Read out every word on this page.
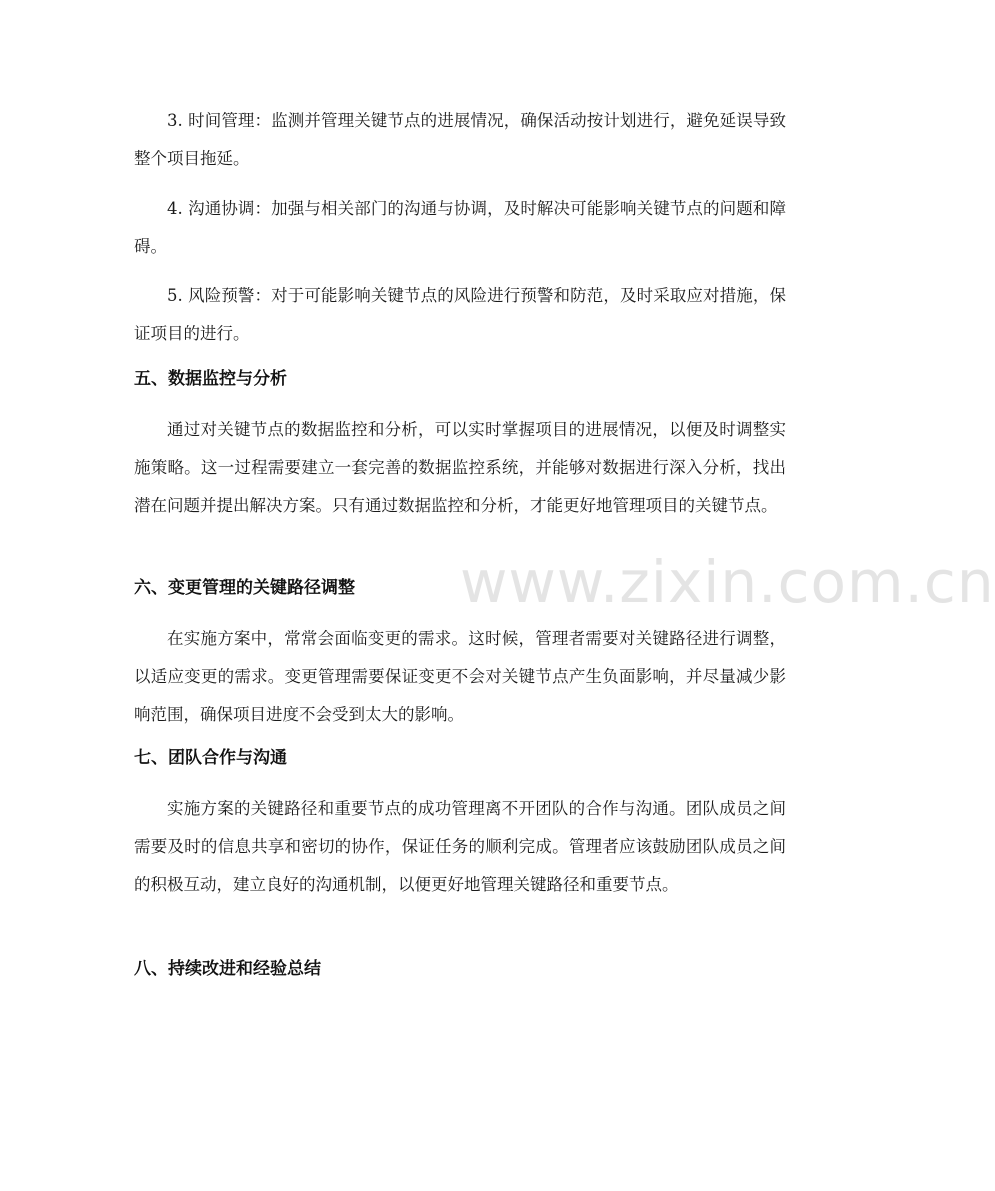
www.zixin.com.cn

3. 时间管理：监测并管理关键节点的进展情况，确保活动按计划进行，避免延误导致整个项目拖延。

4. 沟通协调：加强与相关部门的沟通与协调，及时解决可能影响关键节点的问题和障碍。

5. 风险预警：对于可能影响关键节点的风险进行预警和防范，及时采取应对措施，保证项目的进行。

五、数据监控与分析

通过对关键节点的数据监控和分析，可以实时掌握项目的进展情况，以便及时调整实施策略。这一过程需要建立一套完善的数据监控系统，并能够对数据进行深入分析，找出潜在问题并提出解决方案。只有通过数据监控和分析，才能更好地管理项目的关键节点。

六、变更管理的关键路径调整

在实施方案中，常常会面临变更的需求。这时候，管理者需要对关键路径进行调整，以适应变更的需求。变更管理需要保证变更不会对关键节点产生负面影响，并尽量减少影响范围，确保项目进度不会受到太大的影响。

七、团队合作与沟通

实施方案的关键路径和重要节点的成功管理离不开团队的合作与沟通。团队成员之间需要及时的信息共享和密切的协作，保证任务的顺利完成。管理者应该鼓励团队成员之间的积极互动，建立良好的沟通机制，以便更好地管理关键路径和重要节点。

八、持续改进和经验总结
